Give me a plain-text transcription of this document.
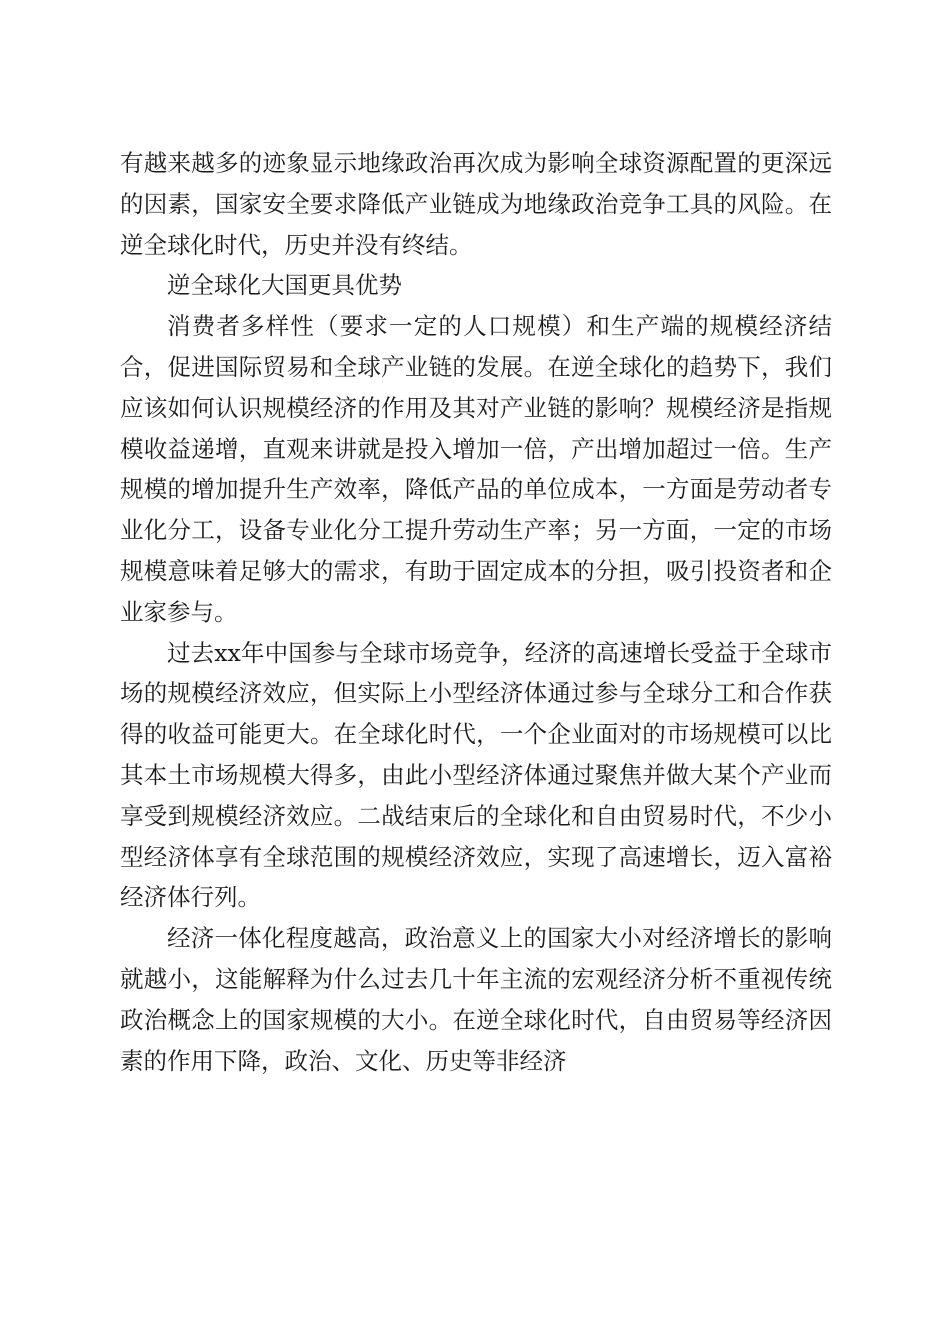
有越来越多的迹象显示地缘政治再次成为影响全球资源配置的更深远的因素，国家安全要求降低产业链成为地缘政治竞争工具的风险。在逆全球化时代，历史并没有终结。

逆全球化大国更具优势

消费者多样性（要求一定的人口规模）和生产端的规模经济结合，促进国际贸易和全球产业链的发展。在逆全球化的趋势下，我们应该如何认识规模经济的作用及其对产业链的影响？规模经济是指规模收益递增，直观来讲就是投入增加一倍，产出增加超过一倍。生产规模的增加提升生产效率，降低产品的单位成本，一方面是劳动者专业化分工，设备专业化分工提升劳动生产率；另一方面，一定的市场规模意味着足够大的需求，有助于固定成本的分担，吸引投资者和企业家参与。

过去xx年中国参与全球市场竞争，经济的高速增长受益于全球市场的规模经济效应，但实际上小型经济体通过参与全球分工和合作获得的收益可能更大。在全球化时代，一个企业面对的市场规模可以比其本土市场规模大得多，由此小型经济体通过聚焦并做大某个产业而享受到规模经济效应。二战结束后的全球化和自由贸易时代，不少小型经济体享有全球范围的规模经济效应，实现了高速增长，迈入富裕经济体行列。

经济一体化程度越高，政治意义上的国家大小对经济增长的影响就越小，这能解释为什么过去几十年主流的宏观经济分析不重视传统政治概念上的国家规模的大小。在逆全球化时代，自由贸易等经济因素的作用下降，政治、文化、历史等非经济
